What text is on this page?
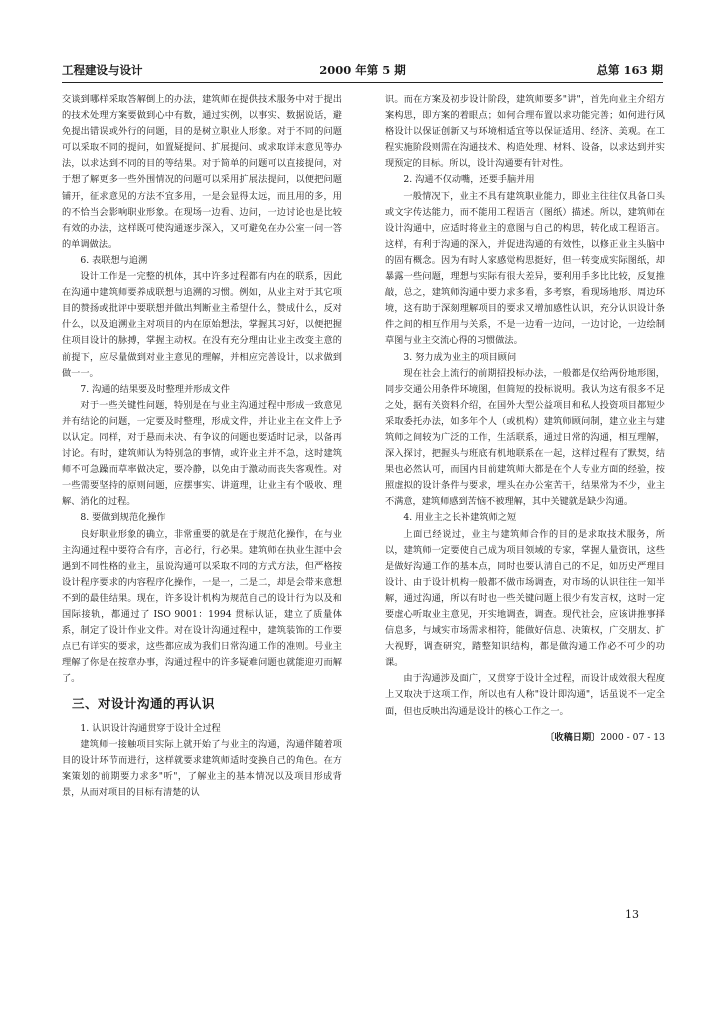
工程建设与设计	2000 年第 5 期	总第 163 期

交谈到哪样采取答解倒上的办法，建筑师在提供技术服务中对于提出的技术处理方案要做到心中有数，通过实例，以事实、数据说话，避免提出错误或外行的问题，目的是树立职业人形象。对于不同的问题可以采取不同的提问，如置疑提问、扩展提问、或求取详末意见等办法，以求达到不同的目的等结果。对于简单的问题可以直接提问，对于想了解更多一些外围情况的问题可以采用扩展法提问，以便把问题铺开，征求意见的方法不宜多用，一是会显得太远，而且用的多，用的不恰当会影响职业形象。在现场一边看、边问，一边讨论也是比较有效的办法，这样既可使沟通逐步深入，又可避免在办公室一问一答的单调做法。

6. 表联想与追溯

设计工作是一完整的机体，其中许多过程都有内在的联系，因此在沟通中建筑师要养成联想与追溯的习惯。例如，从业主对于其它项目的赞扬或批评中要联想并做出判断业主希望什么，赞成什么，反对什么，以及追溯业主对项目的内在原始想法，掌握其习好，以便把握住项目设计的脉搏，掌握主动权。在没有充分理由让业主改变主意的前提下，应尽量做到对业主意见的理解，并相应完善设计，以求做到做一一。

7. 沟通的结果要及时整理并形成文件

对于一些关键性问题，特别是在与业主沟通过程中形成一致意见并有结论的问题，一定要及时整理，形成文件，并让业主在文件上予以认定。同样，对于悬而未决、有争议的问题也要适时记录，以备再讨论。有时，建筑师认为特别急的事情，或许业主并不急，这时建筑师不可急躁而草率做决定，要冷静，以免由于激动而丧失客观性。对一些需要坚持的原则问题，应摆事实、讲道理，让业主有个吸收、理解、消化的过程。

8. 要做到规范化操作

良好职业形象的确立，非常重要的就是在于规范化操作，在与业主沟通过程中要符合有序，言必行，行必果。建筑师在执业生涯中会遇到不同性格的业主，虽说沟通可以采取不同的方式方法，但严格按设计程序要求的内容程序化操作，一是一，二是二，却是会带来意想不到的最佳结果。现在，许多设计机构为规范自己的设计行为以及和国际接轨，都通过了 ISO 9001：1994 贯标认证，建立了质量体系，制定了设计作业文件。对在设计沟通过程中，建筑装饰的工作要点已有详实的要求，这些都应成为我们日常沟通工作的准则。号业主理解了你是在按章办事，沟通过程中的许多疑难问题也就能迎刃而解了。

三、对设计沟通的再认识

1. 认识设计沟通贯穿于设计全过程

建筑师一接触项目实际上就开始了与业主的沟通，沟通伴随着项目的设计环节而进行，这样就要求建筑师适时变换自己的角色。在方案策划的前期要力求多"听"，了解业主的基本情况以及项目形成背景，从而对项目的目标有清楚的认

识。而在方案及初步设计阶段，建筑师要多"讲"，首先向业主介绍方案构思，即方案的着眼点；如何合理布置以求功能完善；如何进行风格设计以保证创新又与环境相适宜等以保证适用、经济、美观。在工程实施阶段则需在沟通技术、构造处理、材料、设备，以求达到并实现预定的目标。所以，设计沟通要有针对性。

2. 沟通不仅动嘴，还要手脑并用

一般情况下，业主不具有建筑职业能力，即业主往往仅具备口头或文字传达能力，而不能用工程语言（图纸）描述。所以，建筑师在设计沟通中，应适时将业主的意图与自己的构思，转化成工程语言。这样，有利于沟通的深入，并促进沟通的有效性，以修正业主头脑中的固有概念。因为有时人家感觉构思挺好，但一转变成实际图纸，却暴露一些问题，理想与实际有很大差异，要利用手多比比较，反复推敲，总之，建筑师沟通中要力求多看，多考察，看现场地形、周边环境，这有助于深刻理解项目的要求又增加感性认识，充分认识设计条件之间的相互作用与关系，不是一边看一边问，一边讨论，一边绘制草图与业主交流心得的习惯做法。

3. 努力成为业主的项目顾问

现在社会上流行的前期招投标办法，一般都是仅给两份地形图，同步交通公用条件环境图，但简短的投标说明。我认为这有很多不足之处，据有关资料介绍，在国外大型公益项目和私人投资项目都短少采取委托办法，如多年个人（或机构）建筑师顾问制，建立业主与建筑师之间较为广泛的工作，生活联系，通过日常的沟通，相互理解，深入探讨，把握头与班底有机地联系在一起，这样过程有了默契，结果也必然认可，而国内目前建筑师大都是在个人专业方面的经验，按照虚拟的设计条件与要求，埋头在办公室苦干，结果常为不少，业主不满意，建筑师感到苦恼不被理解，其中关键就是缺少沟通。

4. 用业主之长补建筑师之短

上面已经说过，业主与建筑师合作的目的是求取技术服务，所以，建筑师一定要使自己成为项目领域的专家，掌握人量资讯，这些是做好沟通工作的基本点，同时也要认清自己的不足，如历史严理目设计、由于设计机构一般都不做市场调查，对市场的认识往往一知半解，通过沟通，所以有时也一些关键问题上很少有发言权，这时一定要虚心听取业主意见，开实地调查，调查。现代社会，应该讲推事择信息多，与域实市场需求相符，能做好信息、决策权，广交朋友、扩大视野，调查研究，踏整知识结构，都是做沟通工作必不可少的功课。

由于沟通涉及面广，又贯穿于设计全过程，而设计成效很大程度上又取决于这项工作，所以也有人称"设计即沟通"，话虽说不一定全面，但也反映出沟通是设计的核心工作之一。

〔收稿日期〕2000 - 07 - 13

13
